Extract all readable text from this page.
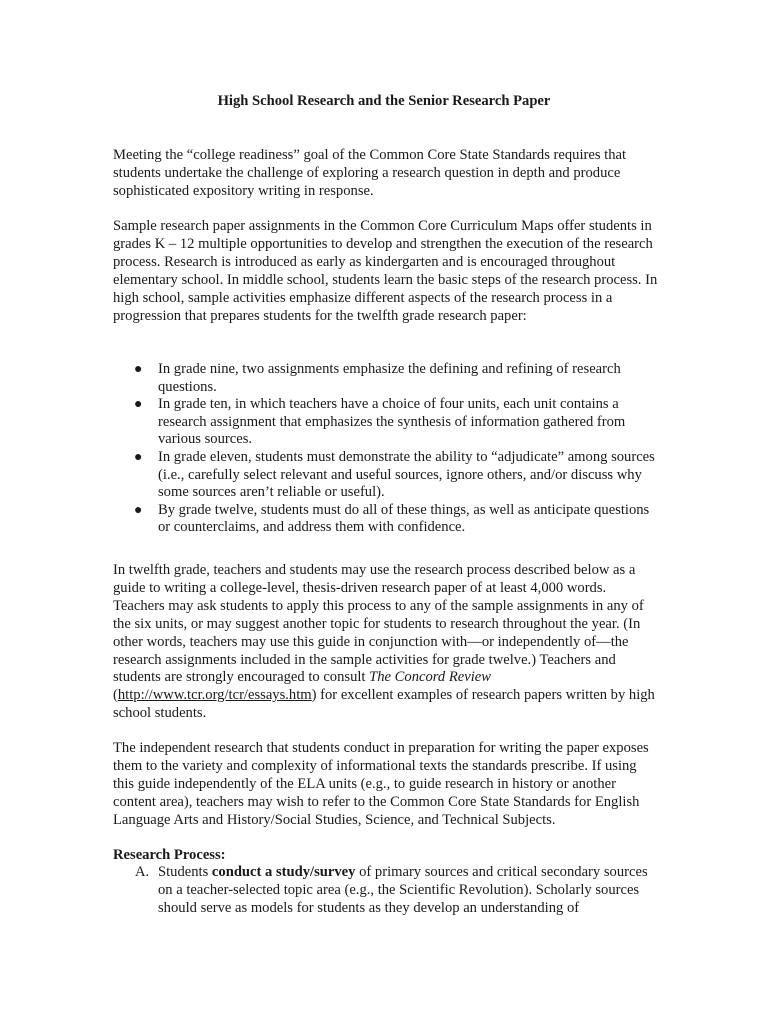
High School Research and the Senior Research Paper

Meeting the “college readiness” goal of the Common Core State Standards requires that students undertake the challenge of exploring a research question in depth and produce sophisticated expository writing in response.

Sample research paper assignments in the Common Core Curriculum Maps offer students in grades K – 12 multiple opportunities to develop and strengthen the execution of the research process. Research is introduced as early as kindergarten and is encouraged throughout elementary school. In middle school, students learn the basic steps of the research process. In high school, sample activities emphasize different aspects of the research process in a progression that prepares students for the twelfth grade research paper:

● In grade nine, two assignments emphasize the defining and refining of research questions.
● In grade ten, in which teachers have a choice of four units, each unit contains a research assignment that emphasizes the synthesis of information gathered from various sources.
● In grade eleven, students must demonstrate the ability to “adjudicate” among sources (i.e., carefully select relevant and useful sources, ignore others, and/or discuss why some sources aren’t reliable or useful).
● By grade twelve, students must do all of these things, as well as anticipate questions or counterclaims, and address them with confidence.

In twelfth grade, teachers and students may use the research process described below as a guide to writing a college-level, thesis-driven research paper of at least 4,000 words. Teachers may ask students to apply this process to any of the sample assignments in any of the six units, or may suggest another topic for students to research throughout the year. (In other words, teachers may use this guide in conjunction with—or independently of—the research assignments included in the sample activities for grade twelve.) Teachers and students are strongly encouraged to consult The Concord Review
(http://www.tcr.org/tcr/essays.htm) for excellent examples of research papers written by high school students.

The independent research that students conduct in preparation for writing the paper exposes them to the variety and complexity of informational texts the standards prescribe. If using this guide independently of the ELA units (e.g., to guide research in history or another content area), teachers may wish to refer to the Common Core State Standards for English Language Arts and History/Social Studies, Science, and Technical Subjects.

Research Process:
A. Students conduct a study/survey of primary sources and critical secondary sources on a teacher-selected topic area (e.g., the Scientific Revolution). Scholarly sources should serve as models for students as they develop an understanding of
